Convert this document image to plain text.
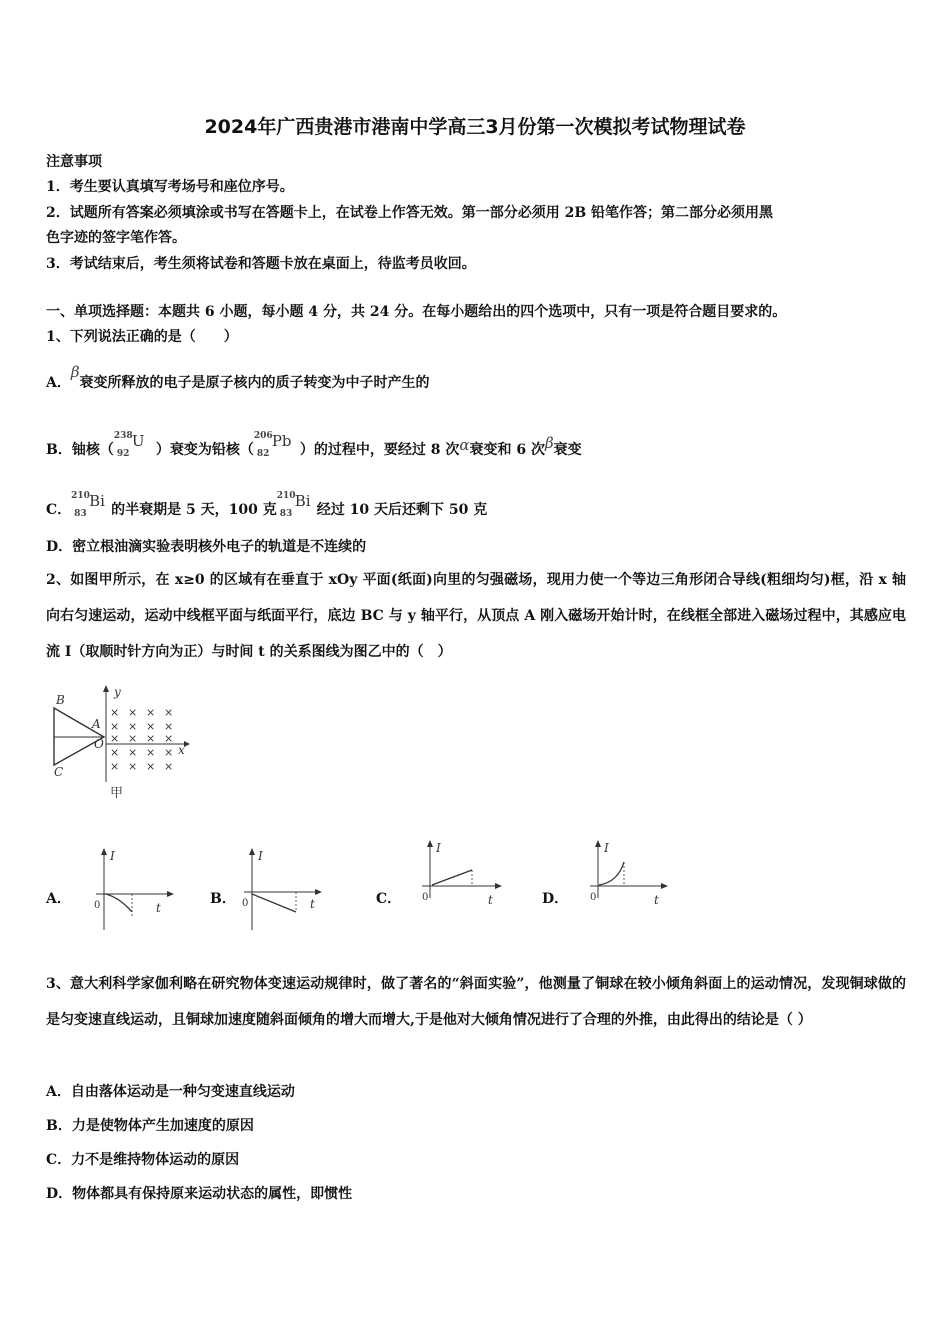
2024年广西贵港市港南中学高三3月份第一次模拟考试物理试卷
注意事项
1．考生要认真填写考场号和座位序号。
2．试题所有答案必须填涂或书写在答题卡上，在试卷上作答无效。第一部分必须用 2B 铅笔作答；第二部分必须用黑
色字迹的签字笔作答。
3．考试结束后，考生须将试卷和答题卡放在桌面上，待监考员收回。
一、单项选择题：本题共 6 小题，每小题 4 分，共 24 分。在每小题给出的四个选项中，只有一项是符合题目要求的。
1、下列说法正确的是（　　）
A．β衰变所释放的电子是原子核内的质子转变为中子时产生的
B．铀核（
238
92
U ）衰变为铅核（
206
82
Pb ）的过程中，要经过 8 次α衰变和 6 次β衰变
C．
210
83
Bi 的半衰期是 5 天，100 克
210
83
Bi 经过 10 天后还剩下 50 克
D．密立根油滴实验表明核外电子的轨道是不连续的
2、如图甲所示，在 x≥0 的区域有在垂直于 xOy 平面(纸面)向里的匀强磁场，现用力使一个等边三角形闭合导线(粗细均匀)框，沿 x 轴向右匀速运动，运动中线框平面与纸面平行，底边 BC 与 y 轴平行，从顶点 A 刚入磁场开始计时，在线框全部进入磁场过程中，其感应电流 I（取顺时针方向为正）与时间 t 的关系图线为图乙中的（　）
B
A
C
O	x
y
× × × ×
× × × ×
× × × ×
× × × ×
× × × ×
甲
A．
I
0	t
B．
I
0	t	C．
I
0	t	D．
I
0	t
3、意大利科学家伽利略在研究物体变速运动规律时，做了著名的“斜面实验”，他测量了铜球在较小倾角斜面上的运动情况，发现铜球做的是匀变速直线运动，且铜球加速度随斜面倾角的增大而增大,于是他对大倾角情况进行了合理的外推，由此得出的结论是（ ）
A．自由落体运动是一种匀变速直线运动
B．力是使物体产生加速度的原因
C．力不是维持物体运动的原因
D．物体都具有保持原来运动状态的属性，即惯性
